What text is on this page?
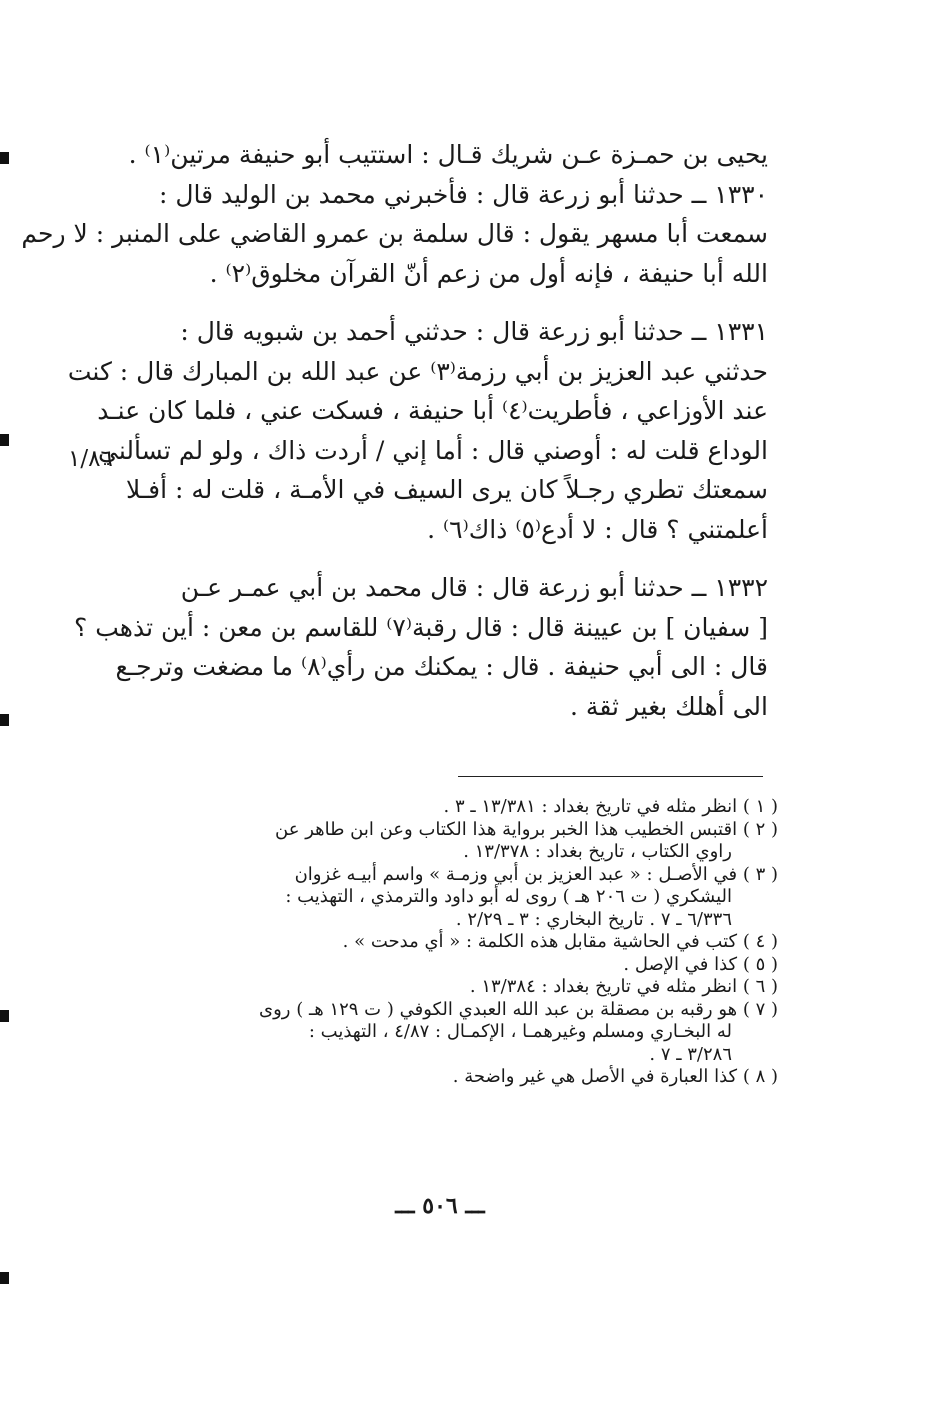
يحيى بن حمـزة عـن شريك قـال : استتيب أبو حنيفة مرتين⁽١⁾ .

١٣٣٠ ــ حدثنا أبو زرعة قال : فأخبرني محمد بن الوليد قال :
سمعت أبا مسهر يقول : قال سلمة بن عمرو القاضي على المنبر : لا رحم
الله أبا حنيفة ، فإنه أول من زعم أنّ القرآن مخلوق⁽٢⁾ .

١٣٣١ ــ حدثنا أبو زرعة قال : حدثني أحمد بن شبويه قال :
حدثني عبد العزيز بن أبي رزمة⁽٣⁾ عن عبد الله بن المبارك قال : كنت
عند الأوزاعي ، فأطريت⁽٤⁾ أبا حنيفة ، فسكت عني ، فلما كان عنـد
الوداع قلت له : أوصني قال : أما إني / أردت ذاك ، ولو لم تسألني
سمعتك تطري رجـلاً كان يرى السيف في الأمـة ، قلت له : أفـلا
أعلمتني ؟ قال : لا أدع⁽٥⁾ ذاك⁽٦⁾ .

١٣٣٢ ــ حدثنا أبو زرعة قال : قال محمد بن أبي عمـر عـن
[ سفيان ] بن عيينة قال : قال رقبة⁽٧⁾ للقاسم بن معن : أين تذهب ؟
قال : الى أبي حنيفة . قال : يمكنك من رأي⁽٨⁾ ما مضغت وترجـع
الى أهلك بغير ثقة .

١/٨٦
( ١ ) انظر مثله في تاريخ بغداد : ١٣/٣٨١ ـ ٣ .
( ٢ ) اقتبس الخطيب هذا الخبر برواية هذا الكتاب وعن ابن طاهر عن
راوي الكتاب ، تاريخ بغداد : ١٣/٣٧٨ .
( ٣ ) في الأصـل : « عبد العزيز بن أبي وزمـة » واسم أبيـه غزوان
اليشكري ( ت ٢٠٦ هـ ) روى له أبو داود والترمذي ، التهذيب :
٦/٣٣٦ ـ ٧ . تاريخ البخاري : ٣ ـ ٢/٢٩ .
( ٤ ) كتب في الحاشية مقابل هذه الكلمة : « أي مدحت » .
( ٥ ) كذا في الإصل .
( ٦ ) انظر مثله في تاريخ بغداد : ١٣/٣٨٤ .
( ٧ ) هو رقبه بن مصقلة بن عبد الله العبدي الكوفي ( ت ١٢٩ هـ ) روى
له البخـاري ومسلم وغيرهمـا ، الإكمـال : ٤/٨٧ ، التهذيب :
٣/٢٨٦ ـ ٧ .
( ٨ ) كذا العبارة في الأصل هي غير واضحة .
ـــ ٥٠٦ ـــ
